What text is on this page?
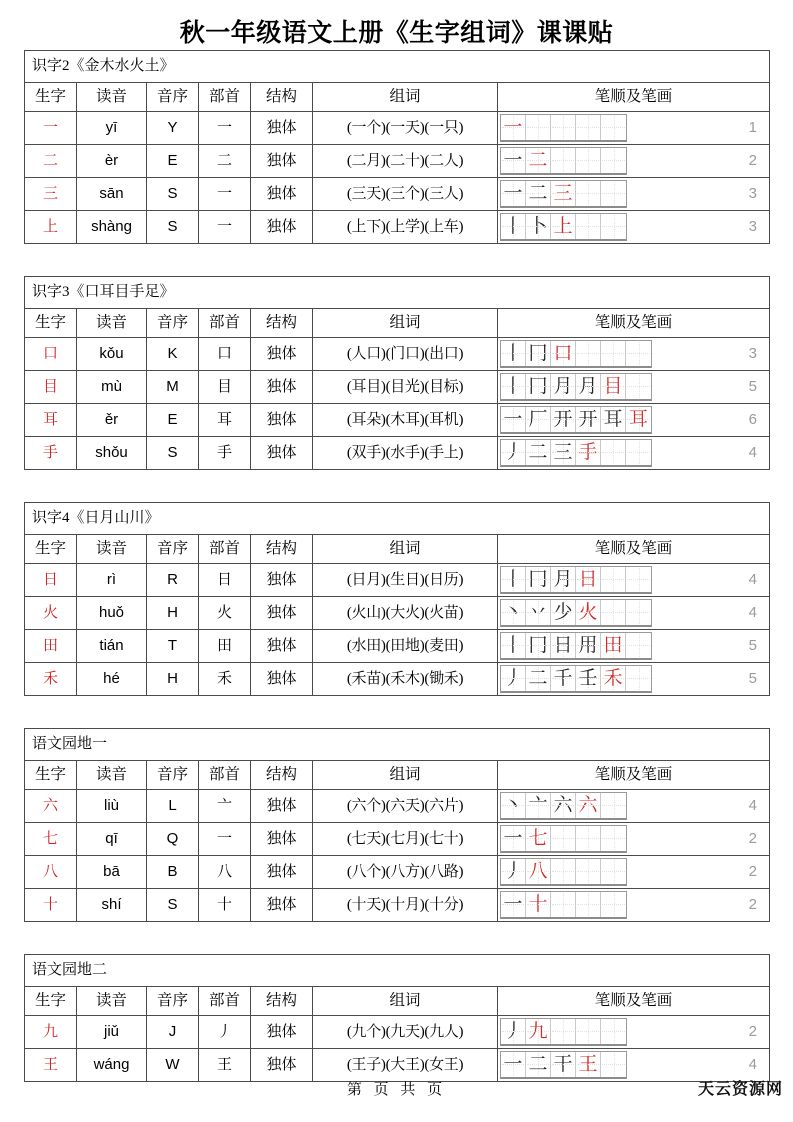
秋一年级语文上册《生字组词》课课贴
识字2《金木水火土》						
生字	读音	音序	部首	结构	组词	笔顺及笔画
一	yī	Y	一	独体	(一个)(一天)(一只)	一 1

二	èr	E	二	独体	(二月)(二十)(二人)	一 二 2

三	sān	S	一	独体	(三天)(三个)(三人)	一 二 三 3

上	shàng	S	一	独体	(上下)(上学)(上车)	丨 卜 上 3
识字3《口耳目手足》						
生字	读音	音序	部首	结构	组词	笔顺及笔画
口	kǒu	K	口	独体	(人口)(门口)(出口)	丨 冂 口 3

目	mù	M	目	独体	(耳目)(目光)(目标)	丨 冂 月 月 目	5

耳	ěr	E	耳	独体	(耳朵)(木耳)(耳机)	一 厂 开 开 耳 耳	6

手	shǒu	S	手	独体	(双手)(水手)(手上)	丿 二 三 手 4
识字4《日月山川》						
生字	读音	音序	部首	结构	组词	笔顺及笔画
日	rì	R	日	独体	(日月)(生日)(日历)	丨 冂 月 日 4

火	huǒ	H	火	独体	(火山)(大火)(火苗)	丶 丷 少 火 4

田	tián	T	田	独体	(水田)(田地)(麦田)	丨 冂 日 用 田	5

禾	hé	H	禾	独体	(禾苗)(禾木)(锄禾)	丿 二 千 壬 禾	5
语文园地一						
生字	读音	音序	部首	结构	组词	笔顺及笔画
六	liù	L	亠	独体	(六个)(六天)(六片)	丶 亠 六 六 4

七	qī	Q	一	独体	(七天)(七月)(七十)	一 七 2

八	bā	B	八	独体	(八个)(八方)(八路)	丿 八 2

十	shí	S	十	独体	(十天)(十月)(十分)	一 十 2
语文园地二						
生字	读音	音序	部首	结构	组词	笔顺及笔画
九	jiǔ	J	丿	独体	(九个)(九天)(九人)	丿 九 2

王	wáng	W	王	独体	(王子)(大王)(女王)	一 二 干 王 4
第 页 共 页	天云资源网
